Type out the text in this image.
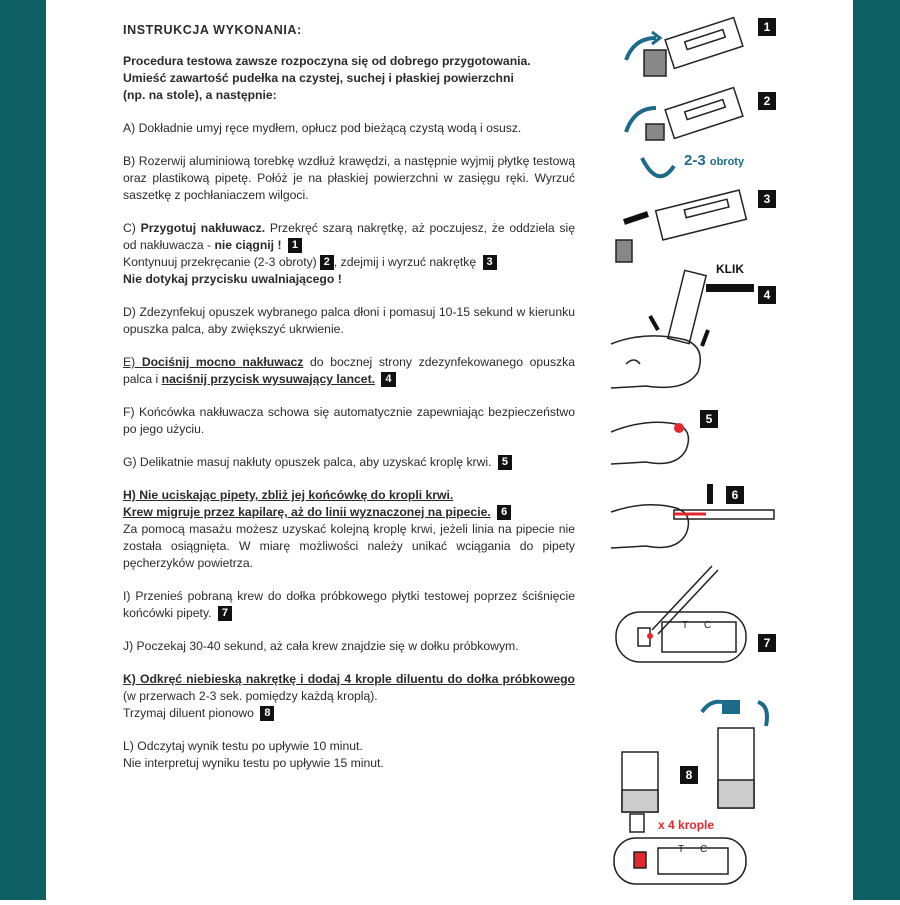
INSTRUKCJA WYKONANIA:
Procedura testowa zawsze rozpoczyna się od dobrego przygotowania.
Umieść zawartość pudełka na czystej, suchej i płaskiej powierzchni
(np. na stole), a następnie:
A) Dokładnie umyj ręce mydłem, opłucz pod bieżącą czystą wodą i osusz.
B) Rozerwij aluminiową torebkę wzdłuż krawędzi, a następnie wyjmij płytkę testową oraz plastikową pipetę. Połóż je na płaskiej powierzchni w zasięgu ręki. Wyrzuć saszetkę z pochłaniaczem wilgoci.
C) Przygotuj nakłuwacz. Przekręć szarą nakrętkę, aż poczujesz, że oddziela się od nakłuwacza - nie ciągnij ! 1
Kontynuuj przekręcanie (2-3 obroty) 2 , zdejmij i wyrzuć nakrętkę 3
Nie dotykaj przycisku uwalniającego !
D) Zdezynfekuj opuszek wybranego palca dłoni i pomasuj 10-15 sekund w kierunku opuszka palca, aby zwiększyć ukrwienie.
E) Dociśnij mocno nakłuwacz do bocznej strony zdezynfekowanego opuszka palca i naciśnij przycisk wysuwający lancet. 4
F) Końcówka nakłuwacza schowa się automatycznie zapewniając bezpieczeństwo po jego użyciu.
G) Delikatnie masuj nakłuty opuszek palca, aby uzyskać kroplę krwi. 5
H) Nie uciskając pipety, zbliż jej końcówkę do kropli krwi.
Krew migruje przez kapilarę, aż do linii wyznaczonej na pipecie. 6
Za pomocą masażu możesz uzyskać kolejną kroplę krwi, jeżeli linia na pipecie nie została osiągnięta. W miarę możliwości należy unikać wciągania do pipety pęcherzyków powietrza.
I) Przenieś pobraną krew do dołka próbkowego płytki testowej poprzez ściśnięcie końcówki pipety. 7
J) Poczekaj 30-40 sekund, aż cała krew znajdzie się w dołku próbkowym.
K) Odkręć niebieską nakrętkę i dodaj 4 krople diluentu do dołka próbkowego (w przerwach 2-3 sek. pomiędzy każdą kroplą).
Trzymaj diluent pionowo 8
L) Odczytaj wynik testu po upływie 10 minut.
Nie interpretuj wyniku testu po upływie 15 minut.
1
2
3
4
5
6
7
8
2-3 obroty
KLIK
x 4 krople
T C
T C
